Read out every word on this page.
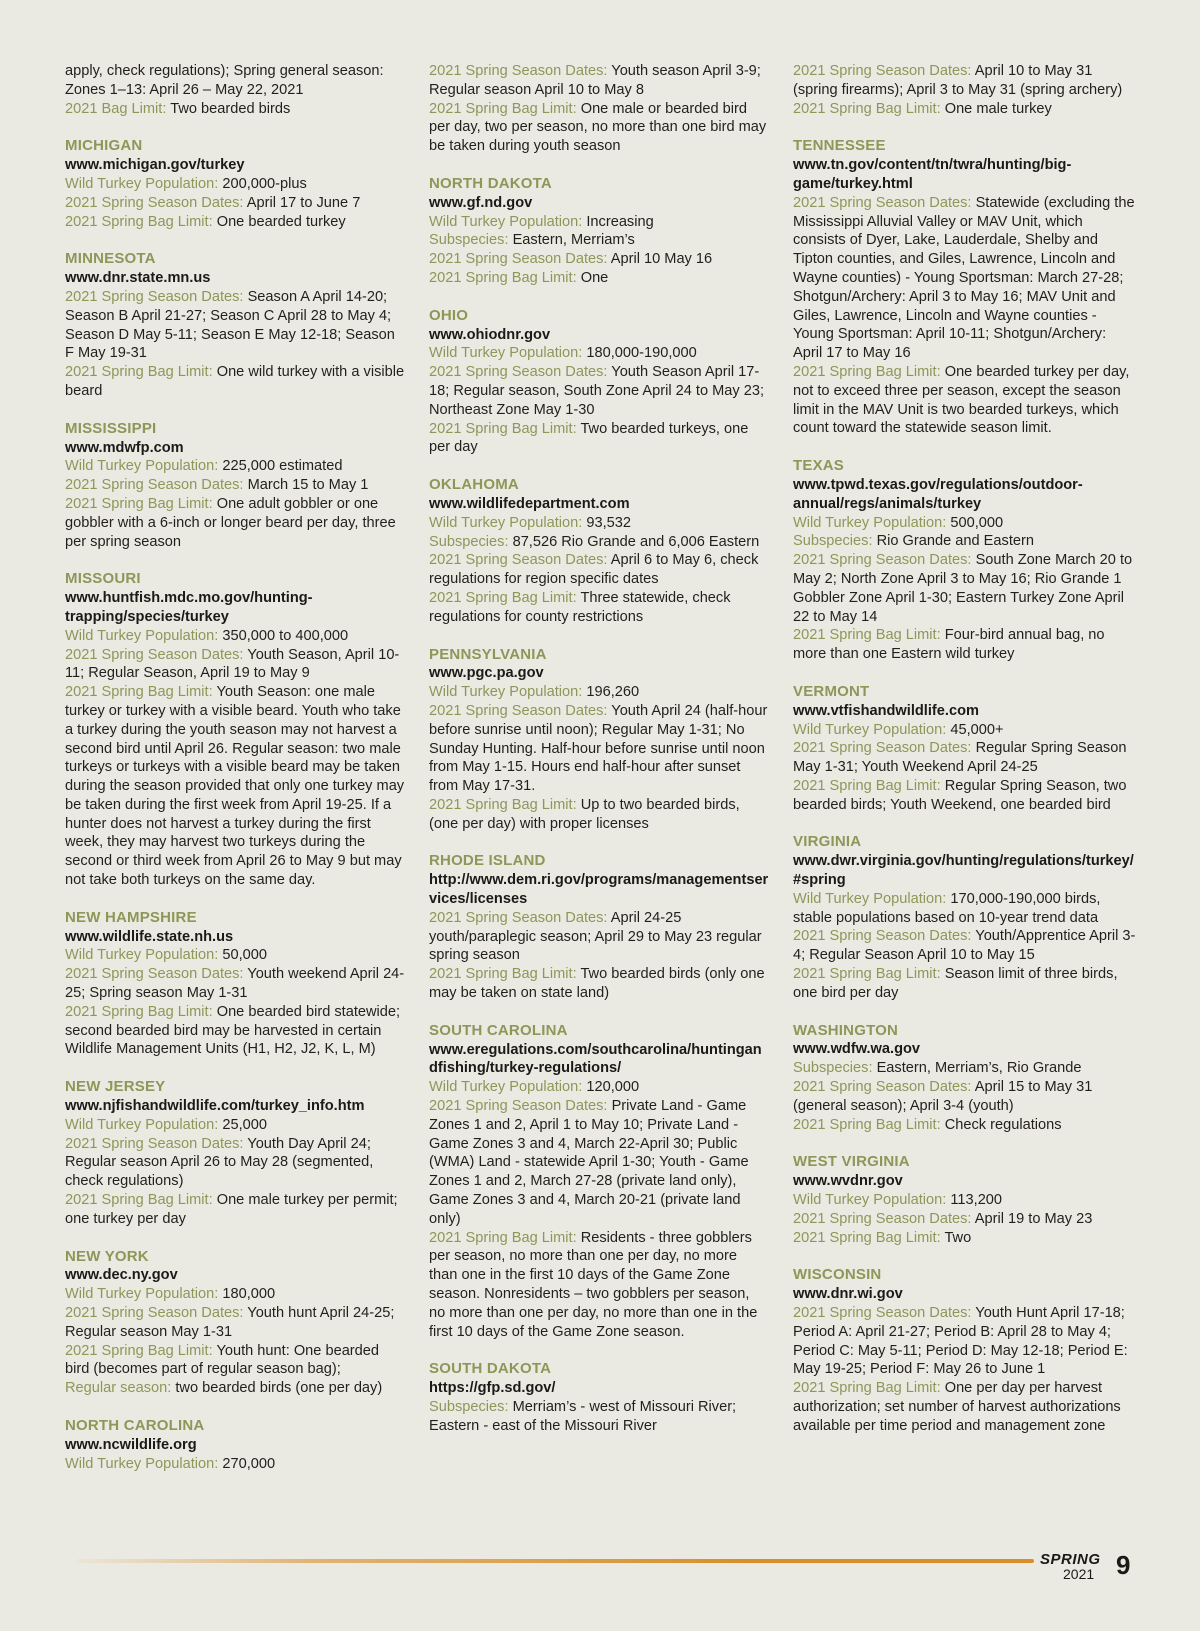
apply, check regulations); Spring general season: Zones 1–13: April 26 – May 22, 2021
2021 Bag Limit: Two bearded birds
MICHIGAN
www.michigan.gov/turkey
Wild Turkey Population: 200,000-plus
2021 Spring Season Dates: April 17 to June 7
2021 Spring Bag Limit: One bearded turkey
MINNESOTA
www.dnr.state.mn.us
2021 Spring Season Dates: Season A April 14-20; Season B April 21-27; Season C April 28 to May 4; Season D May 5-11; Season E May 12-18; Season F May 19-31
2021 Spring Bag Limit: One wild turkey with a visible beard
MISSISSIPPI
www.mdwfp.com
Wild Turkey Population: 225,000 estimated
2021 Spring Season Dates: March 15 to May 1
2021 Spring Bag Limit: One adult gobbler or one gobbler with a 6-inch or longer beard per day, three per spring season
MISSOURI
www.huntfish.mdc.mo.gov/hunting-trapping/species/turkey
Wild Turkey Population: 350,000 to 400,000
2021 Spring Season Dates: Youth Season, April 10-11; Regular Season, April 19 to May 9
2021 Spring Bag Limit: Youth Season: one male turkey or turkey with a visible beard. Youth who take a turkey during the youth season may not harvest a second bird until April 26. Regular season: two male turkeys or turkeys with a visible beard may be taken during the season provided that only one turkey may be taken during the first week from April 19-25. If a hunter does not harvest a turkey during the first week, they may harvest two turkeys during the second or third week from April 26 to May 9 but may not take both turkeys on the same day.
NEW HAMPSHIRE
www.wildlife.state.nh.us
Wild Turkey Population: 50,000
2021 Spring Season Dates: Youth weekend April 24-25; Spring season May 1-31
2021 Spring Bag Limit: One bearded bird statewide; second bearded bird may be harvested in certain Wildlife Management Units (H1, H2, J2, K, L, M)
NEW JERSEY
www.njfishandwildlife.com/turkey_info.htm
Wild Turkey Population: 25,000
2021 Spring Season Dates: Youth Day April 24; Regular season April 26 to May 28 (segmented, check regulations)
2021 Spring Bag Limit: One male turkey per permit; one turkey per day
NEW YORK
www.dec.ny.gov
Wild Turkey Population: 180,000
2021 Spring Season Dates: Youth hunt April 24-25; Regular season May 1-31
2021 Spring Bag Limit: Youth hunt: One bearded bird (becomes part of regular season bag);
Regular season: two bearded birds (one per day)
NORTH CAROLINA
www.ncwildlife.org
Wild Turkey Population: 270,000
2021 Spring Season Dates: Youth season April 3-9; Regular season April 10 to May 8
2021 Spring Bag Limit: One male or bearded bird per day, two per season, no more than one bird may be taken during youth season
NORTH DAKOTA
www.gf.nd.gov
Wild Turkey Population: Increasing
Subspecies: Eastern, Merriam’s
2021 Spring Season Dates: April 10 May 16
2021 Spring Bag Limit: One
OHIO
www.ohiodnr.gov
Wild Turkey Population: 180,000-190,000
2021 Spring Season Dates: Youth Season April 17-18; Regular season, South Zone April 24 to May 23; Northeast Zone May 1-30
2021 Spring Bag Limit: Two bearded turkeys, one per day
OKLAHOMA
www.wildlifedepartment.com
Wild Turkey Population: 93,532
Subspecies: 87,526 Rio Grande and 6,006 Eastern
2021 Spring Season Dates: April 6 to May 6, check regulations for region specific dates
2021 Spring Bag Limit: Three statewide, check regulations for county restrictions
PENNSYLVANIA
www.pgc.pa.gov
Wild Turkey Population: 196,260
2021 Spring Season Dates: Youth April 24 (half-hour before sunrise until noon); Regular May 1-31; No Sunday Hunting. Half-hour before sunrise until noon from May 1-15. Hours end half-hour after sunset from May 17-31.
2021 Spring Bag Limit: Up to two bearded birds, (one per day) with proper licenses
RHODE ISLAND
http://www.dem.ri.gov/programs/managementservices/licenses
2021 Spring Season Dates: April 24-25 youth/paraplegic season; April 29 to May 23 regular spring season
2021 Spring Bag Limit: Two bearded birds (only one may be taken on state land)
SOUTH CAROLINA
www.eregulations.com/southcarolina/huntingandfishing/turkey-regulations/
Wild Turkey Population: 120,000
2021 Spring Season Dates: Private Land - Game Zones 1 and 2, April 1 to May 10; Private Land - Game Zones 3 and 4, March 22-April 30; Public (WMA) Land - statewide April 1-30; Youth - Game Zones 1 and 2, March 27-28 (private land only), Game Zones 3 and 4, March 20-21 (private land only)
2021 Spring Bag Limit: Residents - three gobblers per season, no more than one per day, no more than one in the first 10 days of the Game Zone season. Nonresidents – two gobblers per season, no more than one per day, no more than one in the first 10 days of the Game Zone season.
SOUTH DAKOTA
https://gfp.sd.gov/
Subspecies: Merriam’s - west of Missouri River; Eastern - east of the Missouri River
2021 Spring Season Dates: April 10 to May 31 (spring firearms); April 3 to May 31 (spring archery)
2021 Spring Bag Limit: One male turkey
TENNESSEE
www.tn.gov/content/tn/twra/hunting/big-game/turkey.html
2021 Spring Season Dates: Statewide (excluding the Mississippi Alluvial Valley or MAV Unit, which consists of Dyer, Lake, Lauderdale, Shelby and Tipton counties, and Giles, Lawrence, Lincoln and Wayne counties) - Young Sportsman: March 27-28; Shotgun/Archery: April 3 to May 16; MAV Unit and Giles, Lawrence, Lincoln and Wayne counties - Young Sportsman: April 10-11; Shotgun/Archery: April 17 to May 16
2021 Spring Bag Limit: One bearded turkey per day, not to exceed three per season, except the season limit in the MAV Unit is two bearded turkeys, which count toward the statewide season limit.
TEXAS
www.tpwd.texas.gov/regulations/outdoor-annual/regs/animals/turkey
Wild Turkey Population: 500,000
Subspecies: Rio Grande and Eastern
2021 Spring Season Dates: South Zone March 20 to May 2; North Zone April 3 to May 16; Rio Grande 1 Gobbler Zone April 1-30; Eastern Turkey Zone April 22 to May 14
2021 Spring Bag Limit: Four-bird annual bag, no more than one Eastern wild turkey
VERMONT
www.vtfishandwildlife.com
Wild Turkey Population: 45,000+
2021 Spring Season Dates: Regular Spring Season May 1-31; Youth Weekend April 24-25
2021 Spring Bag Limit: Regular Spring Season, two bearded birds; Youth Weekend, one bearded bird
VIRGINIA
www.dwr.virginia.gov/hunting/regulations/turkey/#spring
Wild Turkey Population: 170,000-190,000 birds, stable populations based on 10-year trend data
2021 Spring Season Dates: Youth/Apprentice April 3-4; Regular Season April 10 to May 15
2021 Spring Bag Limit: Season limit of three birds, one bird per day
WASHINGTON
www.wdfw.wa.gov
Subspecies: Eastern, Merriam’s, Rio Grande
2021 Spring Season Dates: April 15 to May 31 (general season); April 3-4 (youth)
2021 Spring Bag Limit: Check regulations
WEST VIRGINIA
www.wvdnr.gov
Wild Turkey Population: 113,200
2021 Spring Season Dates: April 19 to May 23
2021 Spring Bag Limit: Two
WISCONSIN
www.dnr.wi.gov
2021 Spring Season Dates: Youth Hunt April 17-18; Period A: April 21-27; Period B: April 28 to May 4; Period C: May 5-11; Period D: May 12-18; Period E: May 19-25; Period F: May 26 to June 1
2021 Spring Bag Limit: One per day per harvest authorization; set number of harvest authorizations available per time period and management zone
SPRING
2021 9
